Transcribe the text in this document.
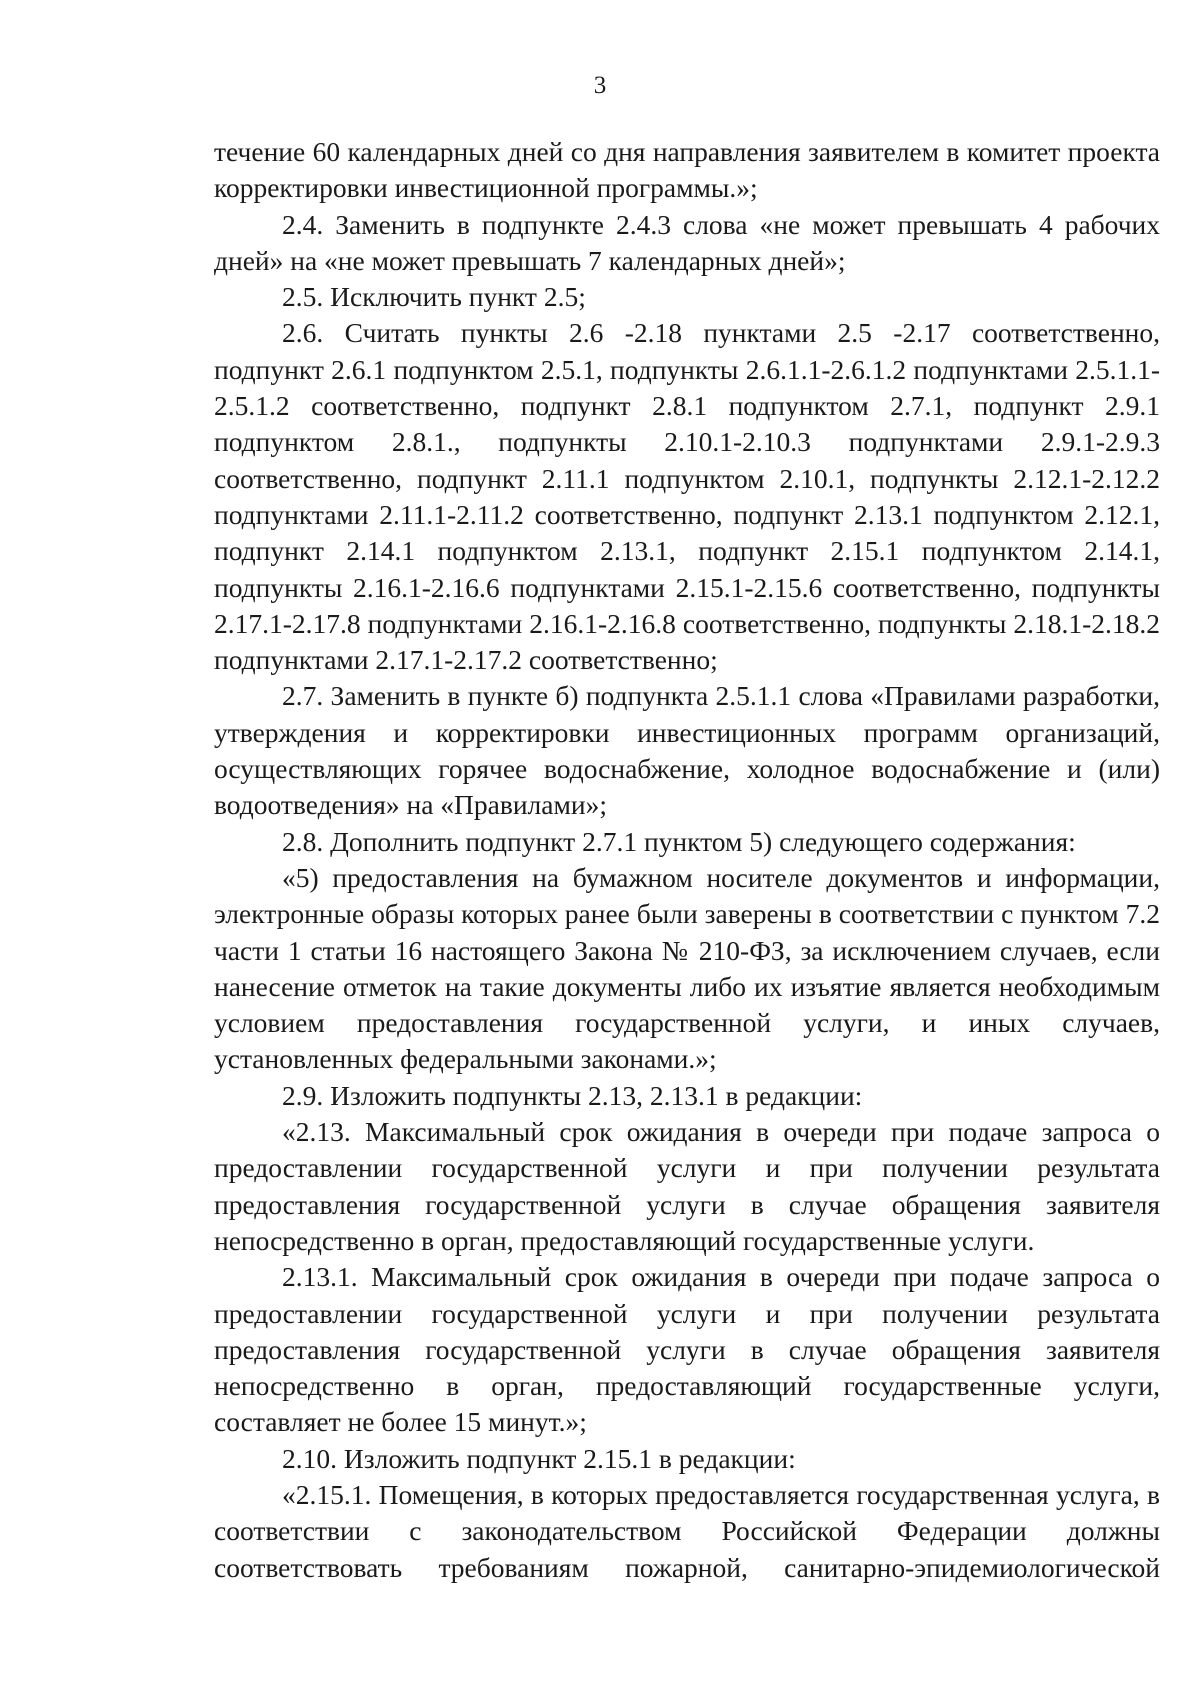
3

течение 60 календарных дней со дня направления заявителем в комитет проекта корректировки инвестиционной программы.»;

2.4. Заменить в подпункте 2.4.3 слова «не может превышать 4 рабочих дней» на «не может превышать 7 календарных дней»;

2.5. Исключить пункт 2.5;

2.6. Считать пункты 2.6 -2.18 пунктами 2.5 -2.17 соответственно, подпункт 2.6.1 подпунктом 2.5.1, подпункты 2.6.1.1-2.6.1.2 подпунктами 2.5.1.1-2.5.1.2 соответственно, подпункт 2.8.1 подпунктом 2.7.1, подпункт 2.9.1 подпунктом 2.8.1., подпункты 2.10.1-2.10.3 подпунктами 2.9.1-2.9.3 соответственно, подпункт 2.11.1 подпунктом 2.10.1, подпункты 2.12.1-2.12.2 подпунктами 2.11.1-2.11.2 соответственно, подпункт 2.13.1 подпунктом 2.12.1, подпункт 2.14.1 подпунктом 2.13.1, подпункт 2.15.1 подпунктом 2.14.1, подпункты 2.16.1-2.16.6 подпунктами 2.15.1-2.15.6 соответственно, подпункты 2.17.1-2.17.8 подпунктами 2.16.1-2.16.8 соответственно, подпункты 2.18.1-2.18.2 подпунктами 2.17.1-2.17.2 соответственно;

2.7. Заменить в пункте б) подпункта 2.5.1.1 слова «Правилами разработки, утверждения и корректировки инвестиционных программ организаций, осуществляющих горячее водоснабжение, холодное водоснабжение и (или) водоотведения» на «Правилами»;

2.8. Дополнить подпункт 2.7.1 пунктом 5) следующего содержания:

«5) предоставления на бумажном носителе документов и информации, электронные образы которых ранее были заверены в соответствии с пунктом 7.2 части 1 статьи 16 настоящего Закона № 210-ФЗ, за исключением случаев, если нанесение отметок на такие документы либо их изъятие является необходимым условием предоставления государственной услуги, и иных случаев, установленных федеральными законами.»;

2.9. Изложить подпункты 2.13, 2.13.1 в редакции:

«2.13. Максимальный срок ожидания в очереди при подаче запроса о предоставлении государственной услуги и при получении результата предоставления государственной услуги в случае обращения заявителя непосредственно в орган, предоставляющий государственные услуги.

2.13.1. Максимальный срок ожидания в очереди при подаче запроса о предоставлении государственной услуги и при получении результата предоставления государственной услуги в случае обращения заявителя непосредственно в орган, предоставляющий государственные услуги, составляет не более 15 минут.»;

2.10. Изложить подпункт 2.15.1 в редакции:

«2.15.1. Помещения, в которых предоставляется государственная услуга, в соответствии с законодательством Российской Федерации должны соответствовать требованиям пожарной, санитарно-эпидемиологической
